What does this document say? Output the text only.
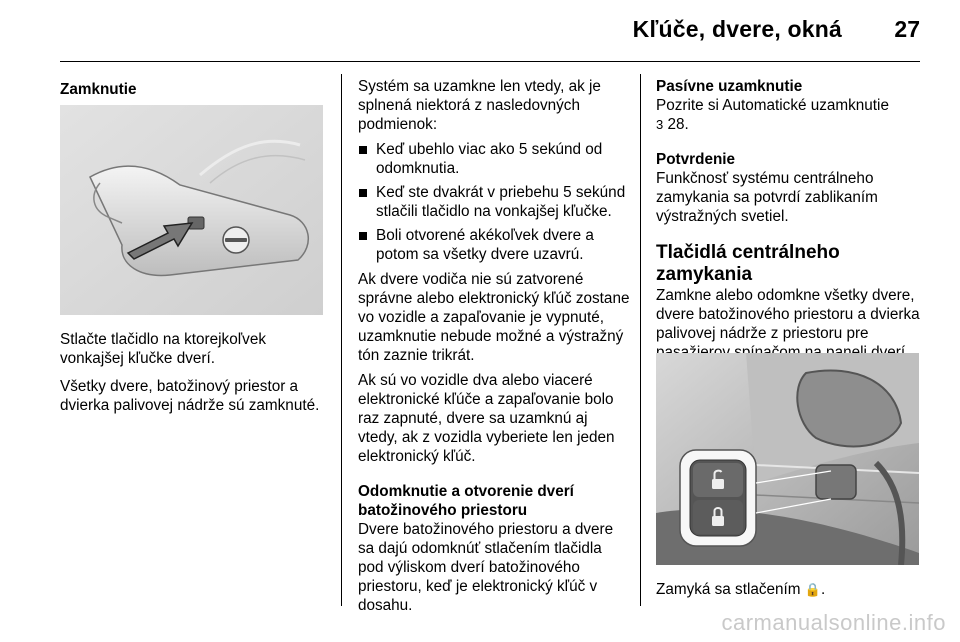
Kľúče, dvere, okná 27
Zamknutie

Stlačte tlačidlo na ktorejkoľvek vonkajšej kľučke dverí.

Všetky dvere, batožinový priestor a dvierka palivovej nádrže sú zamknuté.

Systém sa uzamkne len vtedy, ak je splnená niektorá z nasledovných podmienok:

Keď ubehlo viac ako 5 sekúnd od odomknutia.
Keď ste dvakrát v priebehu 5 sekúnd stlačili tlačidlo na vonkajšej kľučke.
Boli otvorené akékoľvek dvere a potom sa všetky dvere uzavrú.

Ak dvere vodiča nie sú zatvorené správne alebo elektronický kľúč zostane vo vozidle a zapaľovanie je vypnuté, uzamknutie nebude možné a výstražný tón zaznie trikrát.

Ak sú vo vozidle dva alebo viaceré elektronické kľúče a zapaľovanie bolo raz zapnuté, dvere sa uzamknú aj vtedy, ak z vozidla vyberiete len jeden elektronický kľúč.

Odomknutie a otvorenie dverí batožinového priestoru

Dvere batožinového priestoru a dvere sa dajú odomknúť stlačením tlačidla pod výliskom dverí batožinového priestoru, keď je elektronický kľúč v dosahu.

Pasívne uzamknutie

Pozrite si Automatické uzamknutie
3 28.

Potvrdenie

Funkčnosť systému centrálneho zamykania sa potvrdí zablikaním výstražných svetiel.

Tlačidlá centrálneho zamykania

Zamkne alebo odomkne všetky dvere, dvere batožinového priestoru a dvierka palivovej nádrže z priestoru pre

Zamyká sa stlačením 🔒.
carmanualsonline.info
